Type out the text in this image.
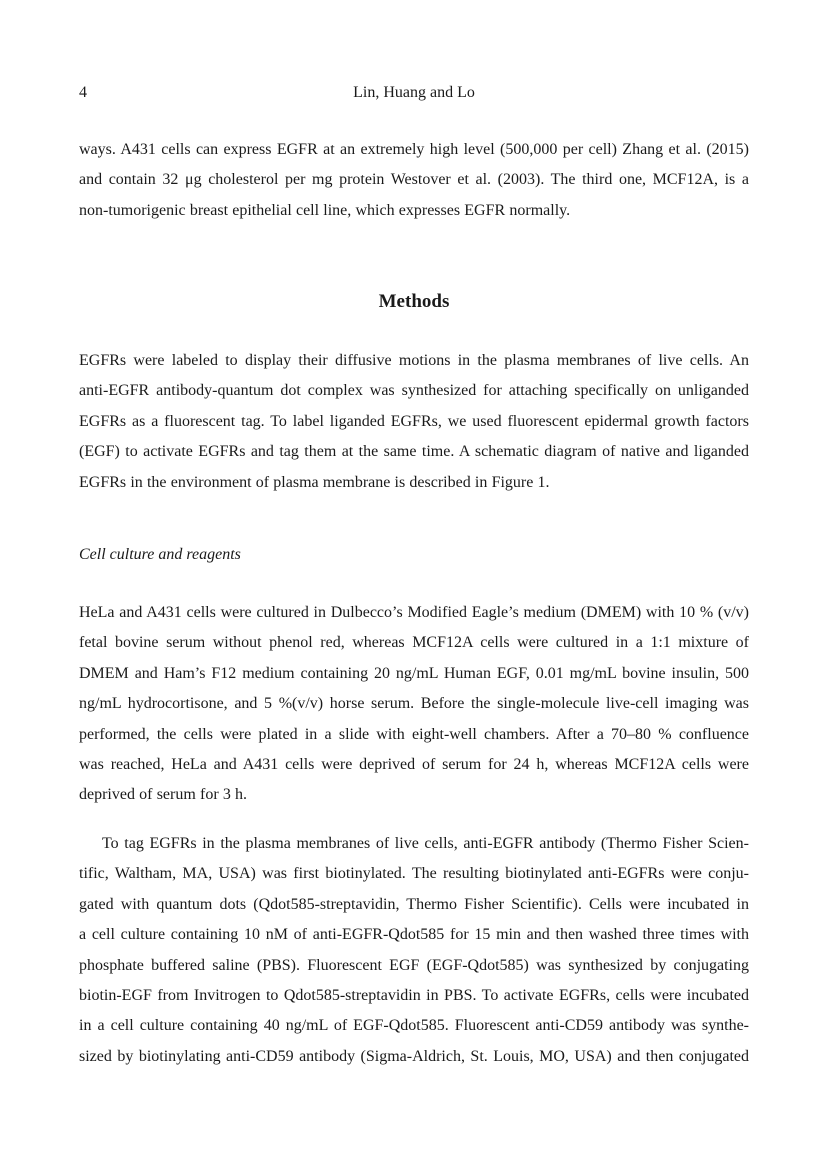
4	Lin, Huang and Lo
ways. A431 cells can express EGFR at an extremely high level (500,000 per cell) Zhang et al. (2015)
and contain 32 μg cholesterol per mg protein Westover et al. (2003). The third one, MCF12A, is a
non-tumorigenic breast epithelial cell line, which expresses EGFR normally.
Methods
EGFRs were labeled to display their diffusive motions in the plasma membranes of live cells. An
anti-EGFR antibody-quantum dot complex was synthesized for attaching specifically on unliganded
EGFRs as a fluorescent tag. To label liganded EGFRs, we used fluorescent epidermal growth factors
(EGF) to activate EGFRs and tag them at the same time. A schematic diagram of native and liganded
EGFRs in the environment of plasma membrane is described in Figure 1.
Cell culture and reagents
HeLa and A431 cells were cultured in Dulbecco’s Modified Eagle’s medium (DMEM) with 10 % (v/v)
fetal bovine serum without phenol red, whereas MCF12A cells were cultured in a 1:1 mixture of
DMEM and Ham’s F12 medium containing 20 ng/mL Human EGF, 0.01 mg/mL bovine insulin, 500
ng/mL hydrocortisone, and 5 %(v/v) horse serum. Before the single-molecule live-cell imaging was
performed, the cells were plated in a slide with eight-well chambers. After a 70–80 % confluence
was reached, HeLa and A431 cells were deprived of serum for 24 h, whereas MCF12A cells were
deprived of serum for 3 h.
To tag EGFRs in the plasma membranes of live cells, anti-EGFR antibody (Thermo Fisher Scien-
tific, Waltham, MA, USA) was first biotinylated. The resulting biotinylated anti-EGFRs were conju-
gated with quantum dots (Qdot585-streptavidin, Thermo Fisher Scientific). Cells were incubated in
a cell culture containing 10 nM of anti-EGFR-Qdot585 for 15 min and then washed three times with
phosphate buffered saline (PBS). Fluorescent EGF (EGF-Qdot585) was synthesized by conjugating
biotin-EGF from Invitrogen to Qdot585-streptavidin in PBS. To activate EGFRs, cells were incubated
in a cell culture containing 40 ng/mL of EGF-Qdot585. Fluorescent anti-CD59 antibody was synthe-
sized by biotinylating anti-CD59 antibody (Sigma-Aldrich, St. Louis, MO, USA) and then conjugated
